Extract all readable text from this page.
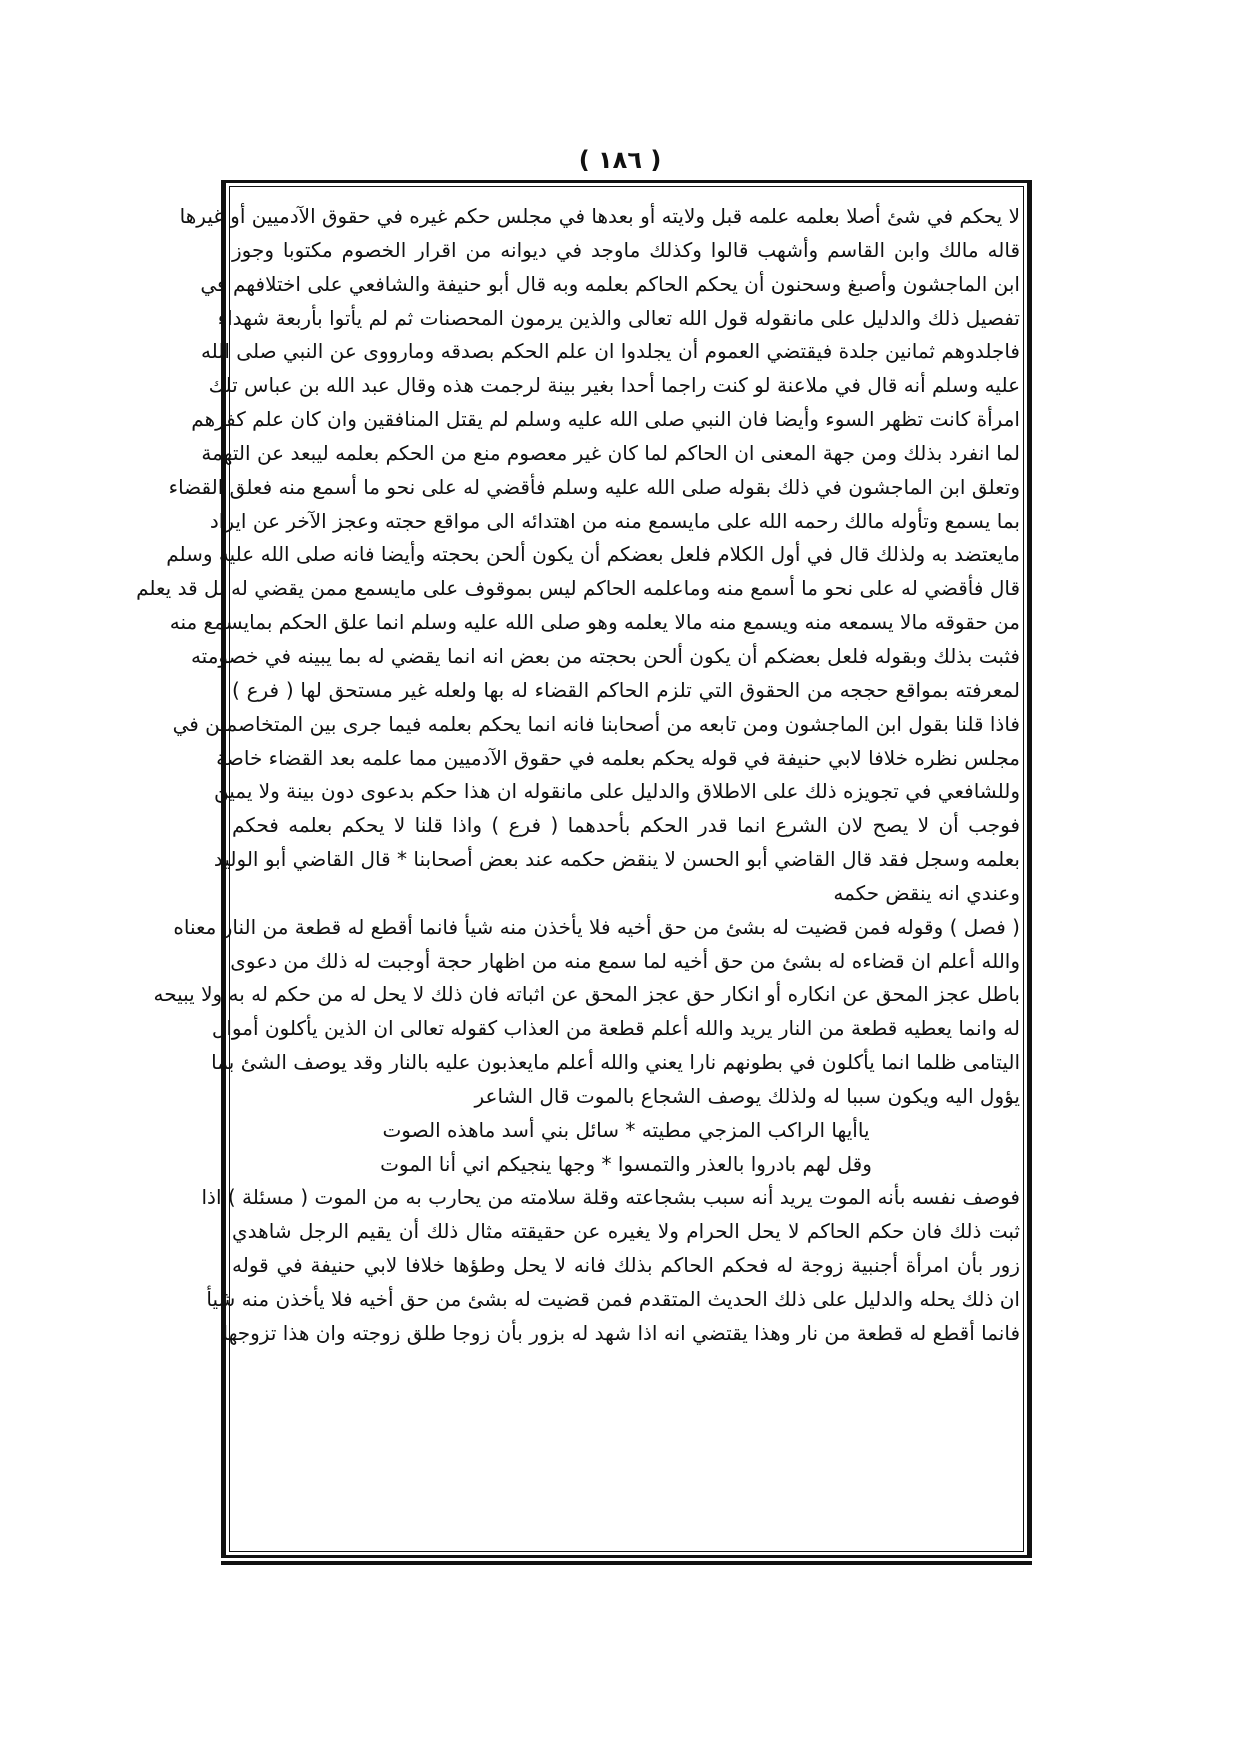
( ١٨٦ )
لا يحكم في شئ أصلا بعلمه علمه قبل ولايته أو بعدها في مجلس حكم غيره في حقوق الآدميين أو غيرها
قاله مالك وابن القاسم وأشهب قالوا وكذلك ماوجد في ديوانه من اقرار الخصوم مكتوبا وجوز
ابن الماجشون وأصبغ وسحنون أن يحكم الحاكم بعلمه وبه قال أبو حنيفة والشافعي على اختلافهم في
تفصيل ذلك والدليل على مانقوله قول الله تعالى والذين يرمون المحصنات ثم لم يأتوا بأربعة شهداء
فاجلدوهم ثمانين جلدة فيقتضي العموم أن يجلدوا ان علم الحكم بصدقه ومارووى عن النبي صلى الله
عليه وسلم أنه قال في ملاعنة لو كنت راجما أحدا بغير بينة لرجمت هذه وقال عبد الله بن عباس تلك
امرأة كانت تظهر السوء وأيضا فان النبي صلى الله عليه وسلم لم يقتل المنافقين وان كان علم كفرهم
لما انفرد بذلك ومن جهة المعنى ان الحاكم لما كان غير معصوم منع من الحكم بعلمه ليبعد عن التهمة
وتعلق ابن الماجشون في ذلك بقوله صلى الله عليه وسلم فأقضي له على نحو ما أسمع منه فعلق القضاء
بما يسمع وتأوله مالك رحمه الله على مايسمع منه من اهتدائه الى مواقع حجته وعجز الآخر عن ايراد
مايعتضد به ولذلك قال في أول الكلام فلعل بعضكم أن يكون ألحن بحجته وأيضا فانه صلى الله عليه وسلم
قال فأقضي له على نحو ما أسمع منه وماعلمه الحاكم ليس بموقوف على مايسمع ممن يقضي له بل قد يعلم
من حقوقه مالا يسمعه منه ويسمع منه مالا يعلمه وهو صلى الله عليه وسلم انما علق الحكم بمايسمع منه
فثبت بذلك وبقوله فلعل بعضكم أن يكون ألحن بحجته من بعض انه انما يقضي له بما يبينه في خصومته
لمعرفته بمواقع حججه من الحقوق التي تلزم الحاكم القضاء له بها ولعله غير مستحق لها ( فرع )
فاذا قلنا بقول ابن الماجشون ومن تابعه من أصحابنا فانه انما يحكم بعلمه فيما جرى بين المتخاصمين في
مجلس نظره خلافا لابي حنيفة في قوله يحكم بعلمه في حقوق الآدميين مما علمه بعد القضاء خاصة
وللشافعي في تجويزه ذلك على الاطلاق والدليل على مانقوله ان هذا حكم بدعوى دون بينة ولا يمين
فوجب أن لا يصح لان الشرع انما قدر الحكم بأحدهما ( فرع ) واذا قلنا لا يحكم بعلمه فحكم
بعلمه وسجل فقد قال القاضي أبو الحسن لا ينقض حكمه عند بعض أصحابنا * قال القاضي أبو الوليد
وعندي انه ينقض حكمه
( فصل ) وقوله فمن قضيت له بشئ من حق أخيه فلا يأخذن منه شيأ فانما أقطع له قطعة من النار معناه
والله أعلم ان قضاءه له بشئ من حق أخيه لما سمع منه من اظهار حجة أوجبت له ذلك من دعوى
باطل عجز المحق عن انكاره أو انكار حق عجز المحق عن اثباته فان ذلك لا يحل له من حكم له به ولا يبيحه
له وانما يعطيه قطعة من النار يريد والله أعلم قطعة من العذاب كقوله تعالى ان الذين يأكلون أموال
اليتامى ظلما انما يأكلون في بطونهم نارا يعني والله أعلم مايعذبون عليه بالنار وقد يوصف الشئ بما
يؤول اليه ويكون سببا له ولذلك يوصف الشجاع بالموت قال الشاعر
ياأيها الراكب المزجي مطيته * سائل بني أسد ماهذه الصوت
وقل لهم بادروا بالعذر والتمسوا * وجها ينجيكم اني أنا الموت
فوصف نفسه بأنه الموت يريد أنه سبب بشجاعته وقلة سلامته من يحارب به من الموت ( مسئلة ) اذا
ثبت ذلك فان حكم الحاكم لا يحل الحرام ولا يغيره عن حقيقته مثال ذلك أن يقيم الرجل شاهدي
زور بأن امرأة أجنبية زوجة له فحكم الحاكم بذلك فانه لا يحل وطؤها خلافا لابي حنيفة في قوله
ان ذلك يحله والدليل على ذلك الحديث المتقدم فمن قضيت له بشئ من حق أخيه فلا يأخذن منه شيأ
فانما أقطع له قطعة من نار وهذا يقتضي انه اذا شهد له بزور بأن زوجا طلق زوجته وان هذا تزوجها
